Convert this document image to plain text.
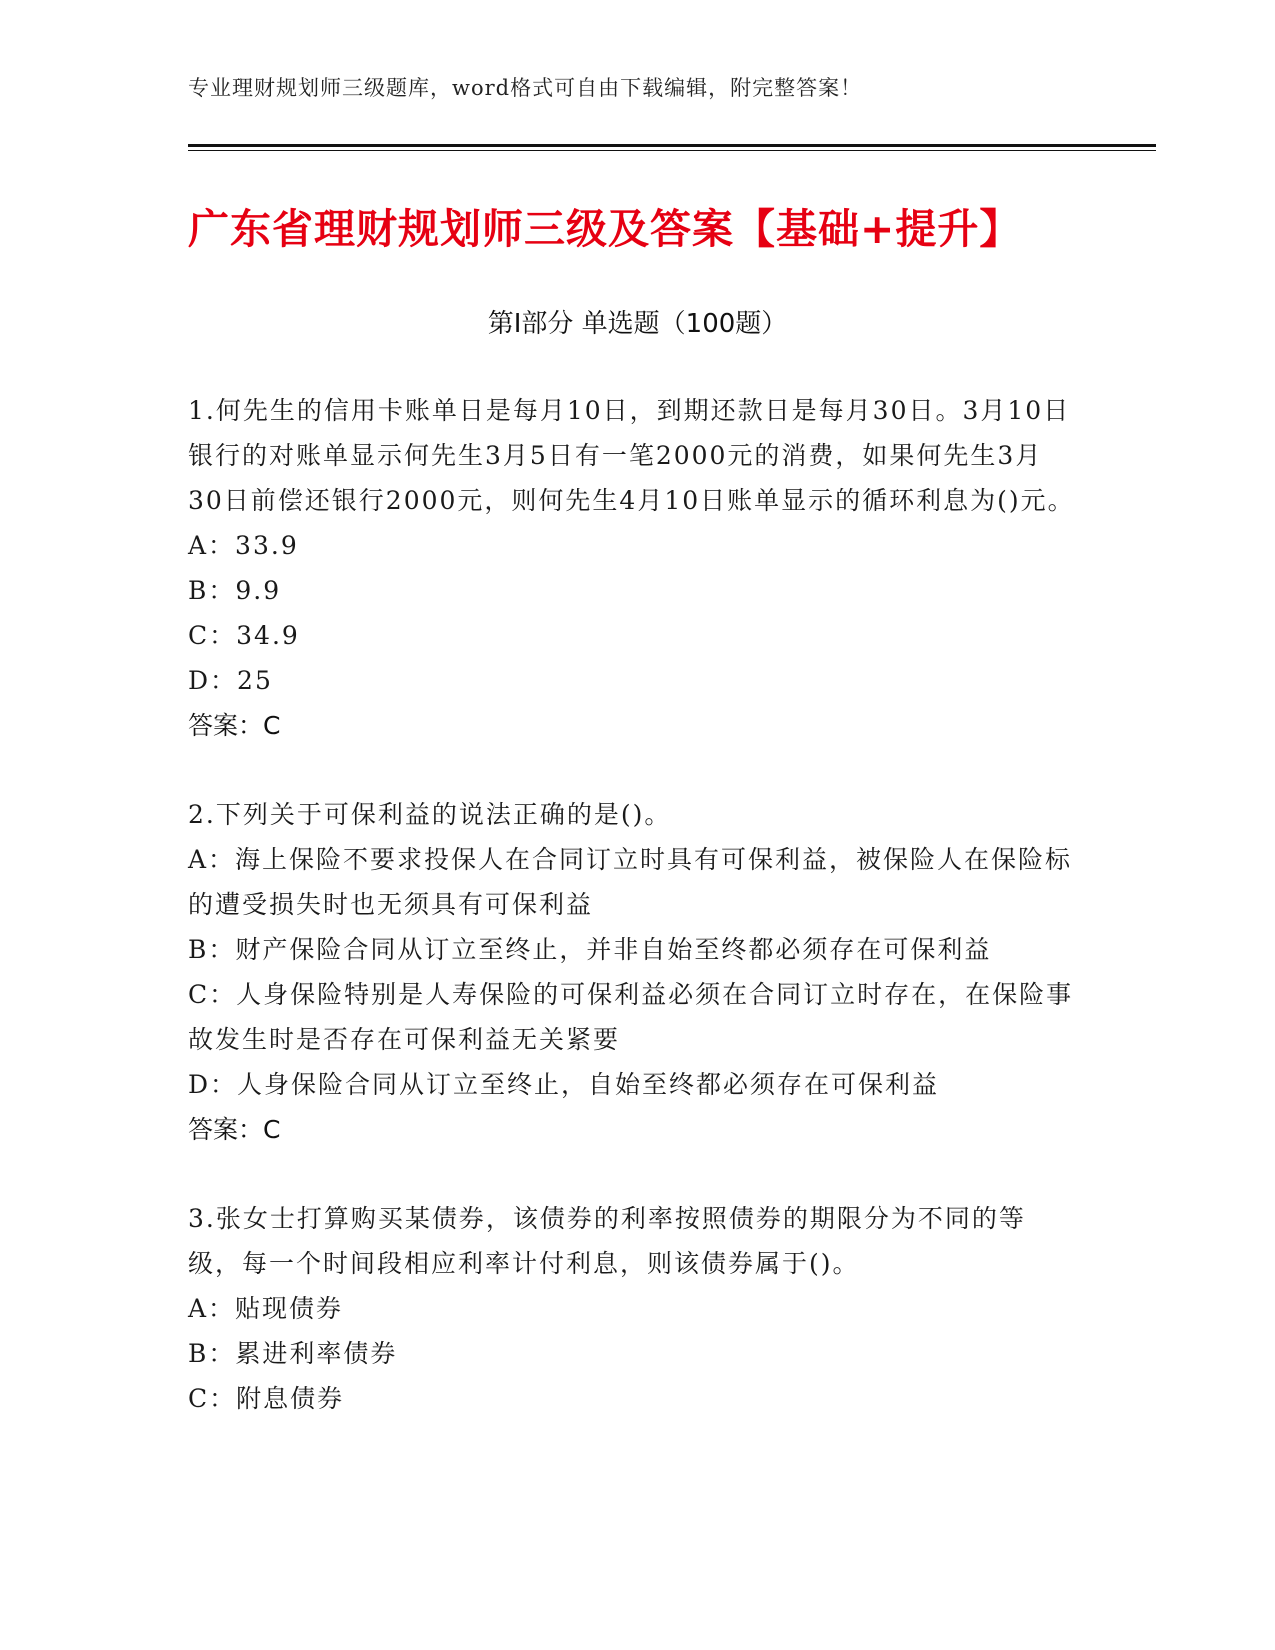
专业理财规划师三级题库，word格式可自由下载编辑，附完整答案！
广东省理财规划师三级及答案【基础+提升】
第I部分 单选题（100题）
1.何先生的信用卡账单日是每月10日，到期还款日是每月30日。3月10日银行的对账单显示何先生3月5日有一笔2000元的消费，如果何先生3月30日前偿还银行2000元，则何先生4月10日账单显示的循环利息为()元。
A：33.9
B：9.9
C：34.9
D：25
答案：C
2.下列关于可保利益的说法正确的是()。
A：海上保险不要求投保人在合同订立时具有可保利益，被保险人在保险标的遭受损失时也无须具有可保利益
B：财产保险合同从订立至终止，并非自始至终都必须存在可保利益
C：人身保险特别是人寿保险的可保利益必须在合同订立时存在，在保险事故发生时是否存在可保利益无关紧要
D：人身保险合同从订立至终止，自始至终都必须存在可保利益
答案：C
3.张女士打算购买某债券，该债券的利率按照债券的期限分为不同的等级，每一个时间段相应利率计付利息，则该债券属于()。
A：贴现债券
B：累进利率债券
C：附息债券
